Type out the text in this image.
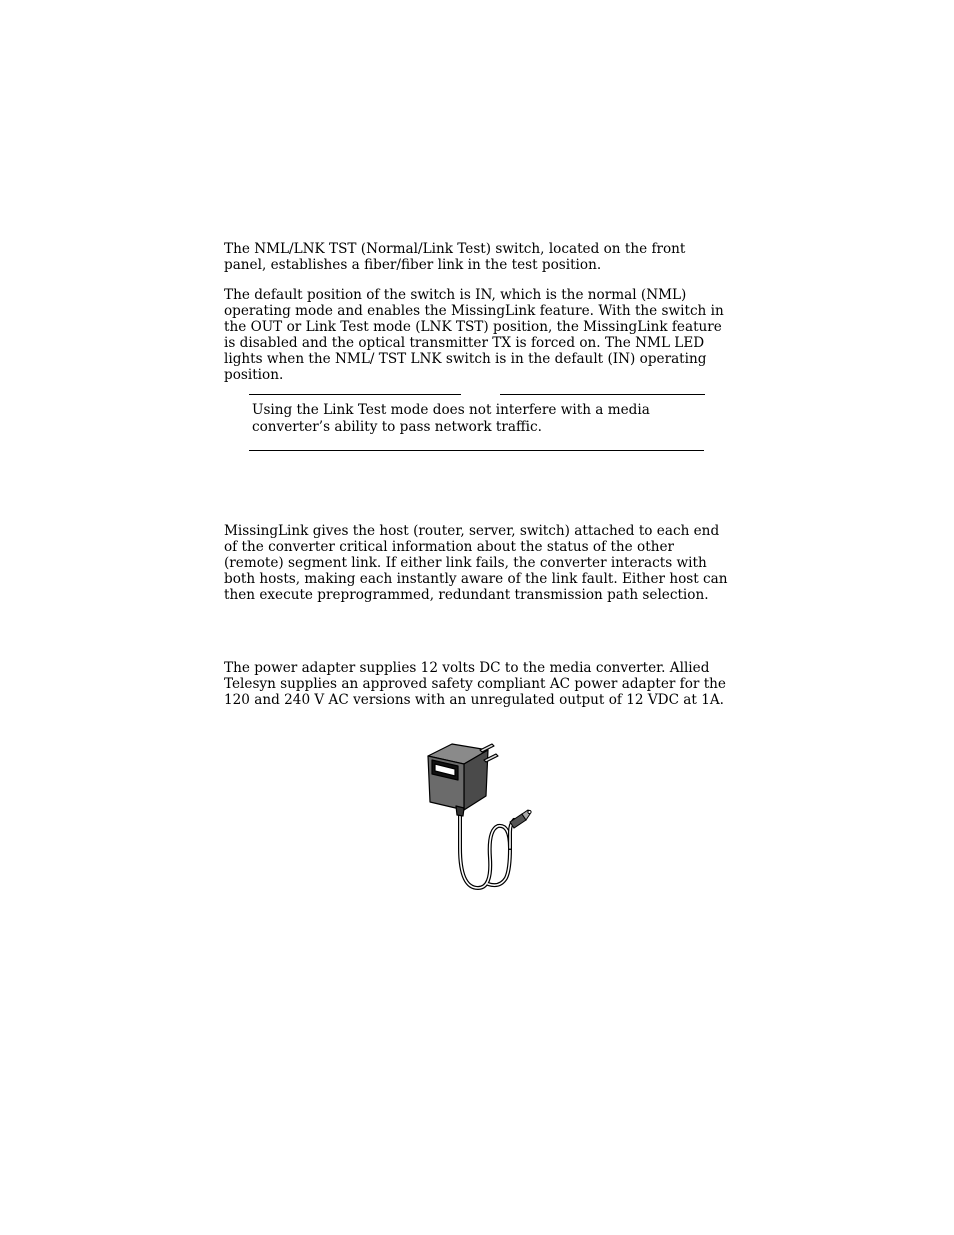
The NML/LNK TST (Normal/Link Test) switch, located on the front panel, establishes a fiber/fiber link in the test position.

The default position of the switch is IN, which is the normal (NML) operating mode and enables the MissingLink feature. With the switch in the OUT or Link Test mode (LNK TST) position, the MissingLink feature is disabled and the optical transmitter TX is forced on. The NML LED lights when the NML/ TST LNK switch is in the default (IN) operating position.

Using the Link Test mode does not interfere with a media converter’s ability to pass network traffic.

MissingLink gives the host (router, server, switch) attached to each end of the converter critical information about the status of the other (remote) segment link. If either link fails, the converter interacts with both hosts, making each instantly aware of the link fault. Either host can then execute preprogrammed, redundant transmission path selection.

The power adapter supplies 12 volts DC to the media converter. Allied Telesyn supplies an approved safety compliant AC power adapter for the 120 and 240 V AC versions with an unregulated output of 12 VDC at 1A.
